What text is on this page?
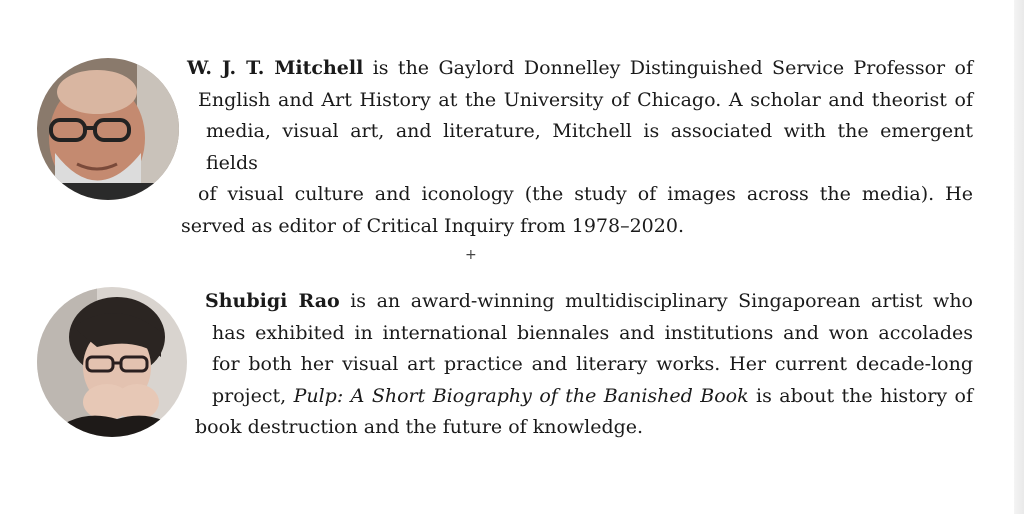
W. J. T. Mitchell is the Gaylord Donnelley Distinguished Service Professor of
English and Art History at the University of Chicago. A scholar and theorist of
media, visual art, and literature, Mitchell is associated with the emergent fields
of visual culture and iconology (the study of images across the media). He
served as editor of Critical Inquiry from 1978–2020.
+
Shubigi Rao is an award-winning multidisciplinary Singaporean artist who
has exhibited in international biennales and institutions and won accolades
for both her visual art practice and literary works. Her current decade-long
project, Pulp: A Short Biography of the Banished Book is about the history of
book destruction and the future of knowledge.
